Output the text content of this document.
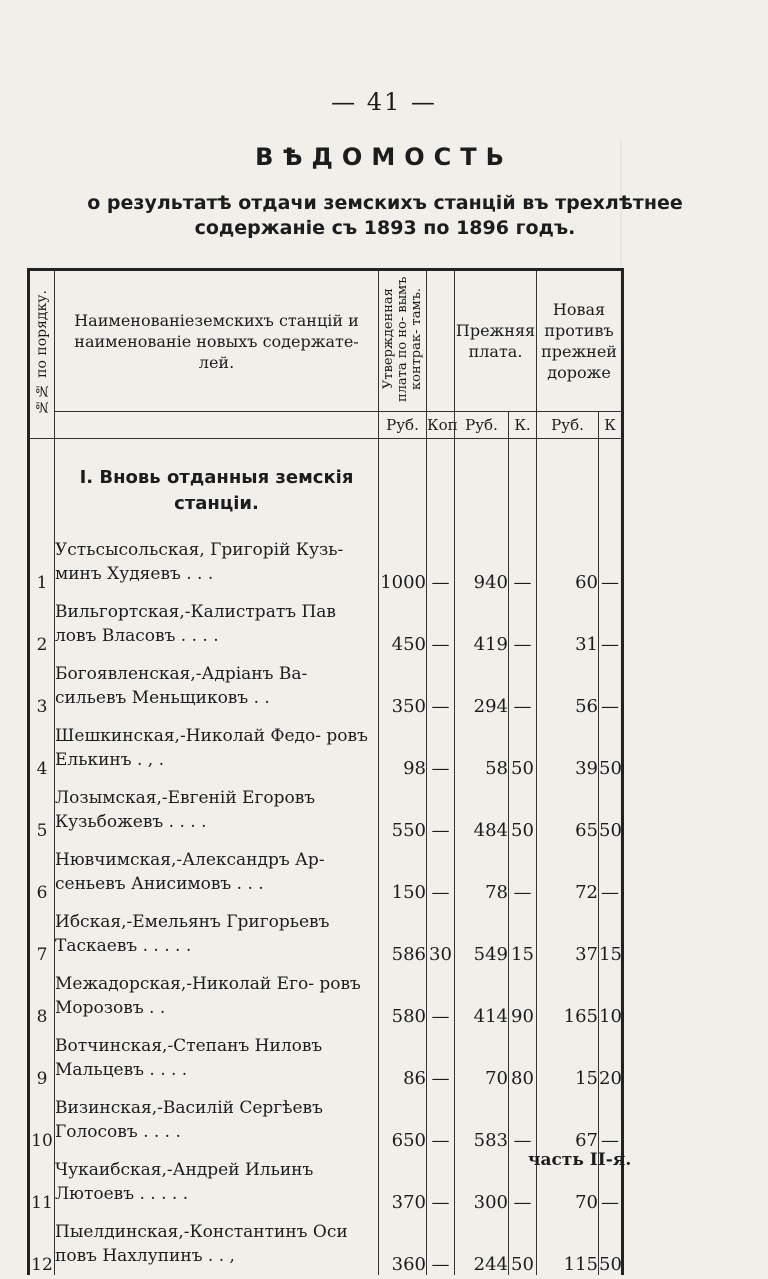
— 41 —
ВѢДОМОСТЬ
о результатѣ отдачи земскихъ станцій въ трехлѣтнее содержаніе съ 1893 по 1896 годъ.
№№ по порядку.	Наименованіеземскихъ станцій и наименованіе новыхъ содержате- лей.	Утвержденная плата по но- вымъ контрак- тамъ.		Прежняя плата.		Новая противъ прежней дороже	
		Руб.	Коп	Руб.	К.	Руб.	К
	I. Вновь отданныя земскія станціи.						
1	Устьсысольская, Григорій Кузь- минъ Худяевъ . . .	1000	—	940	—	60	—
2	Вильгортская,-Калистратъ Пав ловъ Власовъ . . . .	450	—	419	—	31	—
3	Богоявленская,-Адріанъ Ва- сильевъ Меньщиковъ . .	350	—	294	—	56	—
4	Шешкинская,-Николай Федо- ровъ Елькинъ . , .	98	—	58	50	39	50
5	Лозымская,-Евгеній Егоровъ Кузьбожевъ . . . .	550	—	484	50	65	50
6	Нювчимская,-Александръ Ар- сеньевъ Анисимовъ . . .	150	—	78	—	72	—
7	Ибская,-Емельянъ Григорьевъ Таскаевъ . . . . .	586	30	549	15	37	15
8	Межадорская,-Николай Его- ровъ Морозовъ . .	580	—	414	90	165	10
9	Вотчинская,-Степанъ Ниловъ Мальцевъ . . . .	86	—	70	80	15	20
10	Визинская,-Василій Сергѣевъ Голосовъ . . . .	650	—	583	—	67	—
11	Чукаибская,-Андрей Ильинъ Лютоевъ . . . . .	370	—	300	—	70	—
12	Пыелдинская,-Константинъ Оси повъ Нахлупинъ . . ,	360	—	244	50	115	50
часть II-я.
